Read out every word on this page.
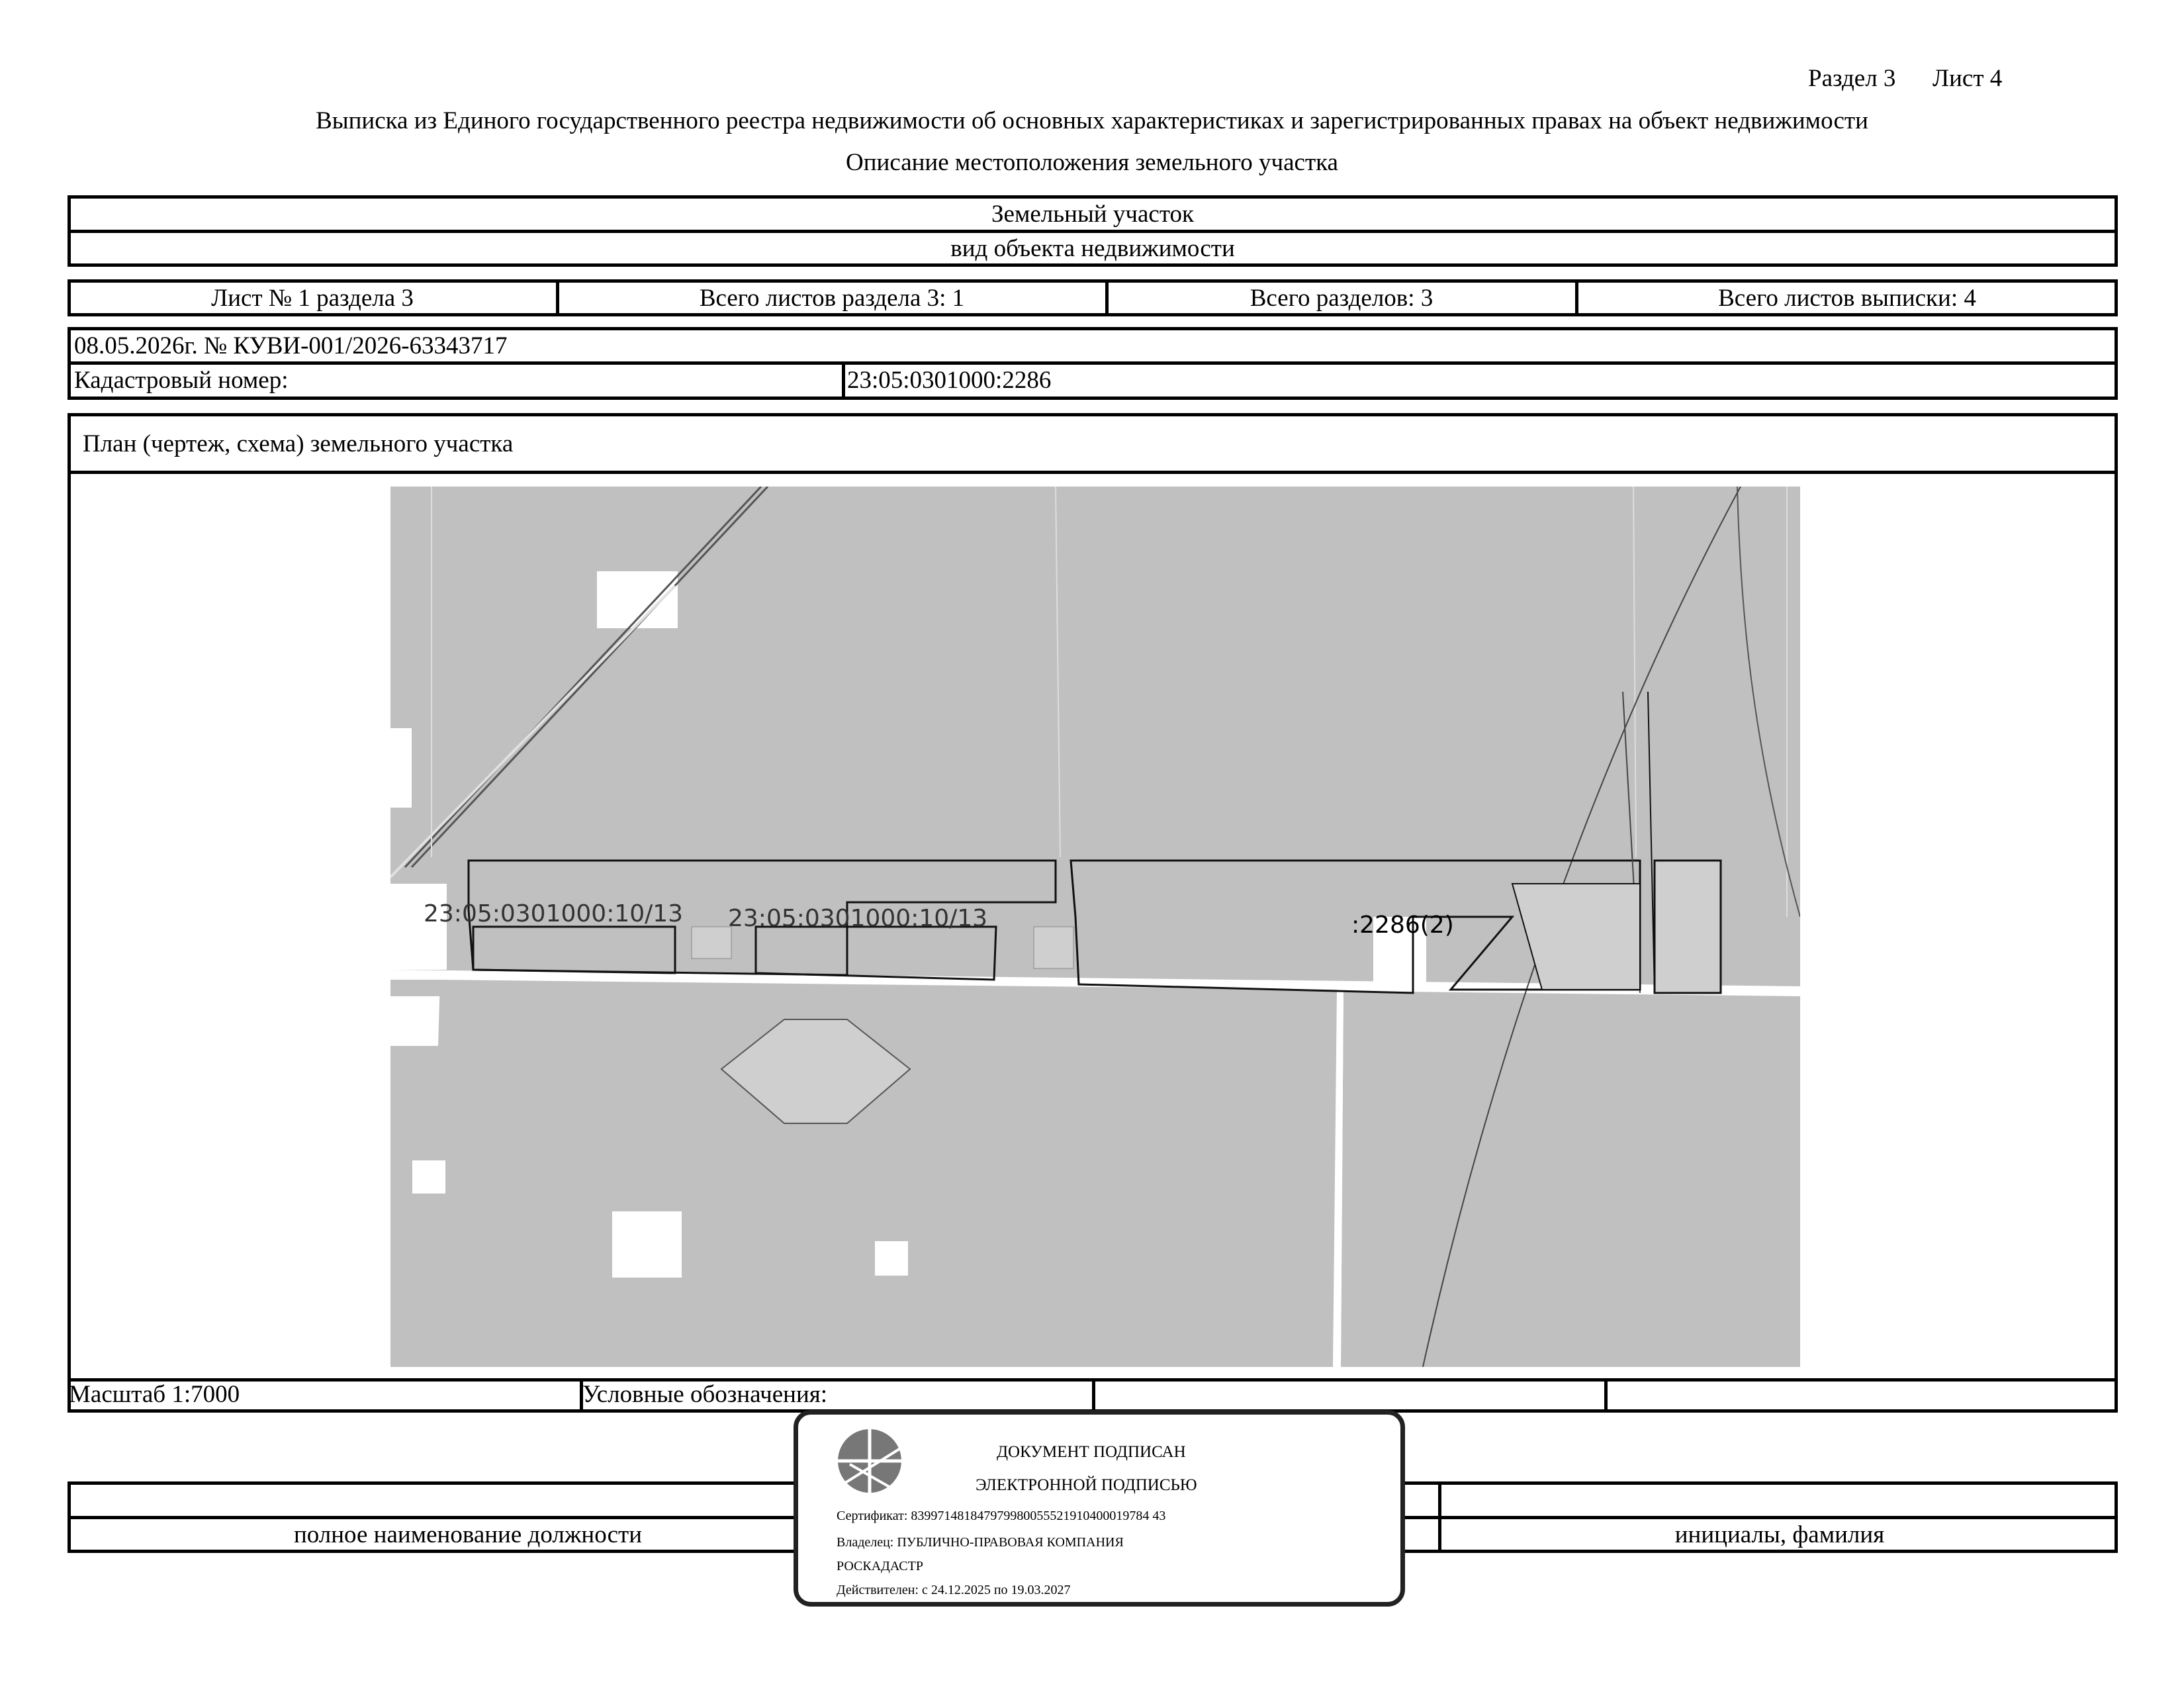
Раздел 3 Лист 4
Выписка из Единого государственного реестра недвижимости об основных характеристиках и зарегистрированных правах на объект недвижимости
Описание местоположения земельного участка
Земельный участок
вид объекта недвижимости
Лист № 1 раздела 3	Всего листов раздела 3: 1	Всего разделов: 3	Всего листов выписки: 4
08.05.2026г. № КУВИ-001/2026-63343717
Кадастровый номер:	23:05:0301000:2286
План (чертеж, схема) земельного участка
23:05:0301000:10/13 23:05:0301000:10/13	:2286(2)
Масштаб 1:7000	Условные обозначения:
полное наименование должности	инициалы, фамилия
ДОКУМЕНТ ПОДПИСАН
ЭЛЕКТРОННОЙ ПОДПИСЬЮ
Сертификат: 839971481847979980055521910400019784 43
Владелец: ПУБЛИЧНО-ПРАВОВАЯ КОМПАНИЯ
РОСКАДАСТР
Действителен: с 24.12.2025 по 19.03.2027
